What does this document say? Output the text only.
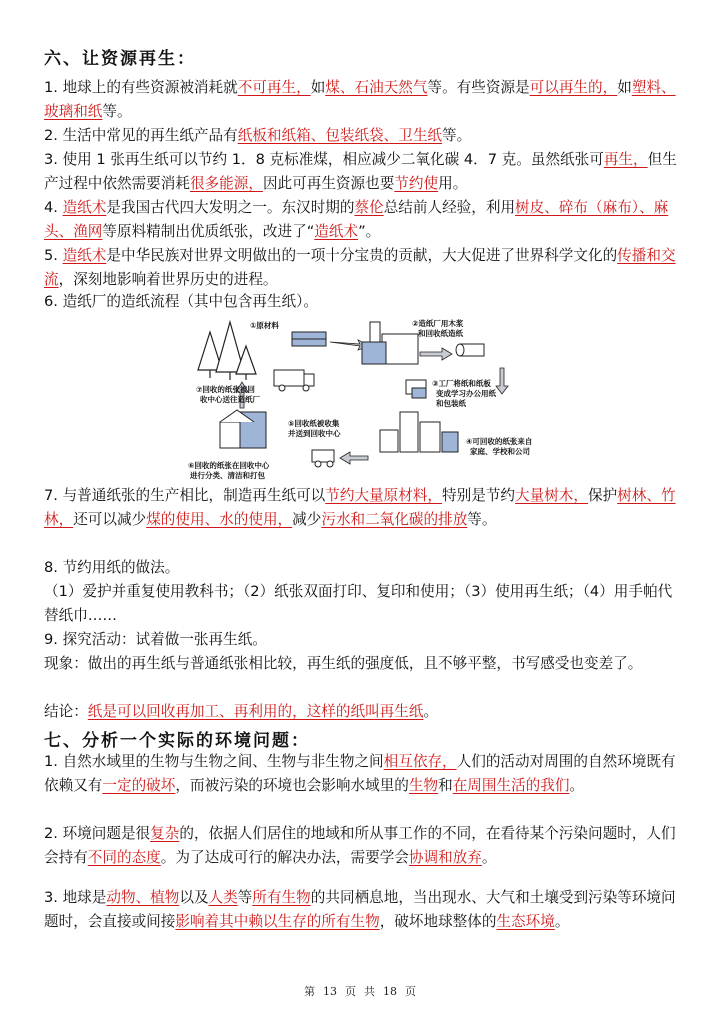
六、让资源再生：
1. 地球上的有些资源被消耗就不可再生，如煤、石油天然气等。有些资源是可以再生的，如塑料、玻璃和纸等。
2. 生活中常见的再生纸产品有纸板和纸箱、包装纸袋、卫生纸等。
3. 使用 1 张再生纸可以节约 1．8 克标准煤，相应减少二氧化碳 4．7 克。虽然纸张可再生，但生产过程中依然需要消耗很多能源，因此可再生资源也要节约使用。
4. 造纸术是我国古代四大发明之一。东汉时期的蔡伦总结前人经验，利用树皮、碎布（麻布）、麻头、渔网等原料精制出优质纸张，改进了“造纸术”。
5. 造纸术是中华民族对世界文明做出的一项十分宝贵的贡献，大大促进了世界科学文化的传播和交流，深刻地影响着世界历史的进程。
6. 造纸厂的造纸流程（其中包含再生纸）。
①原材料	②造纸厂用木浆
和回收纸造纸
③工厂将纸和纸板
变成学习办公用纸
和包装纸
④可回收的纸张来自
家庭、学校和公司
⑤回收纸被收集
并送到回收中心
⑥回收的纸张在回收中心
进行分类、清洁和打包
⑦回收的纸张被回
收中心送往造纸厂
7. 与普通纸张的生产相比，制造再生纸可以节约大量原材料，特别是节约大量树木，保护树林、竹林，还可以减少煤的使用、水的使用，减少污水和二氧化碳的排放等。
8. 节约用纸的做法。
（1）爱护并重复使用教科书；（2）纸张双面打印、复印和使用；（3）使用再生纸；（4）用手帕代替纸巾……
9. 探究活动：试着做一张再生纸。
现象：做出的再生纸与普通纸张相比较，再生纸的强度低，且不够平整，书写感受也变差了。
结论：纸是可以回收再加工、再利用的，这样的纸叫再生纸。
七、分析一个实际的环境问题：
1. 自然水域里的生物与生物之间、生物与非生物之间相互依存，人们的活动对周围的自然环境既有依赖又有一定的破坏，而被污染的环境也会影响水域里的生物和在周围生活的我们。
2. 环境问题是很复杂的，依据人们居住的地域和所从事工作的不同，在看待某个污染问题时，人们会持有不同的态度。为了达成可行的解决办法，需要学会协调和放弃。
3. 地球是动物、植物以及人类等所有生物的共同栖息地，当出现水、大气和土壤受到污染等环境问题时，会直接或间接影响着其中赖以生存的所有生物，破坏地球整体的生态环境。
第 13 页 共 18 页
